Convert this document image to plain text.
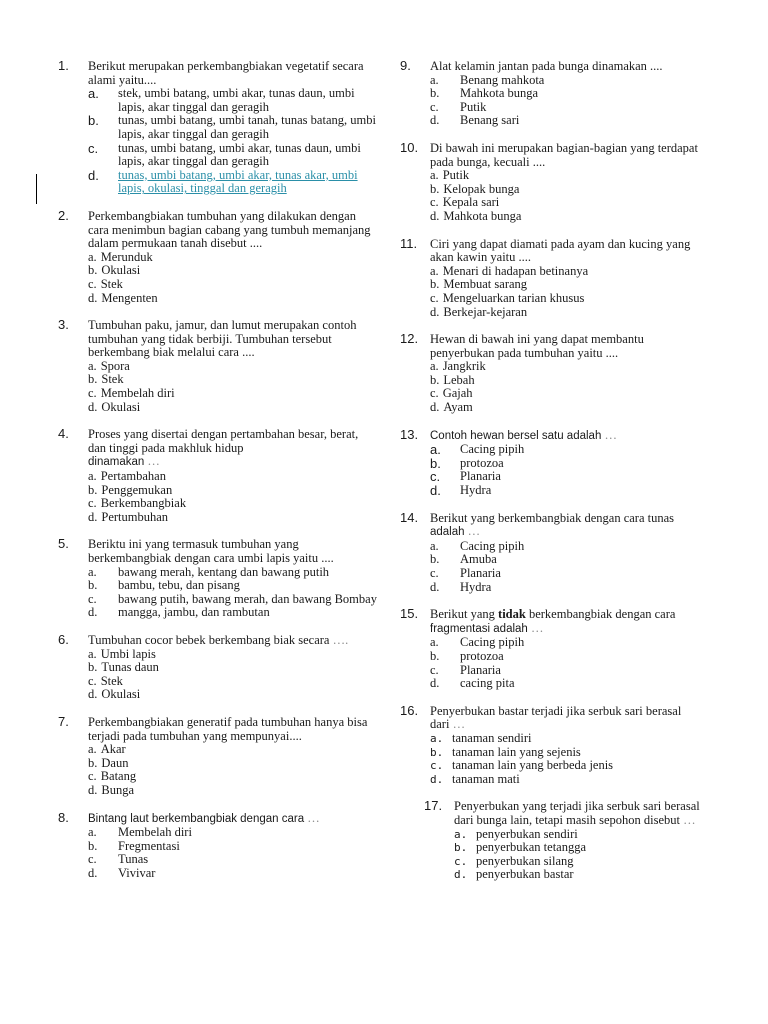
1. Berikut merupakan perkembangbiakan vegetatif secara alami yaitu....
a.	stek, umbi batang, umbi akar, tunas daun, umbi lapis, akar tinggal dan geragih
b.	tunas, umbi batang, umbi tanah, tunas batang, umbi lapis, akar tinggal dan geragih
c.	tunas, umbi batang, umbi akar, tunas daun, umbi lapis, akar tinggal dan geragih
d.	tunas, umbi batang, umbi akar, tunas akar, umbi lapis, okulasi, tinggal dan geragih
2. Perkembangbiakan tumbuhan yang dilakukan dengan cara menimbun bagian cabang yang tumbuh memanjang dalam permukaan tanah disebut ....
a. Merunduk
b. Okulasi
c. Stek
d. Mengenten
3. Tumbuhan paku, jamur, dan lumut merupakan contoh tumbuhan yang tidak berbiji. Tumbuhan tersebut berkembang biak melalui cara ....
a. Spora
b. Stek
c. Membelah diri
d. Okulasi
4. Proses yang disertai dengan pertambahan besar, berat, dan tinggi pada makhluk hidup
dinamakan …
a. Pertambahan
b. Penggemukan
c. Berkembangbiak
d. Pertumbuhan
5. Beriktu ini yang termasuk tumbuhan yang berkembangbiak dengan cara umbi lapis yaitu ....
a.	bawang merah, kentang dan bawang putih
b.	bambu, tebu, dan pisang
c.	bawang putih, bawang merah, dan bawang Bombay
d.	mangga, jambu, dan rambutan
6. Tumbuhan cocor bebek berkembang biak secara ….
a. Umbi lapis
b. Tunas daun
c. Stek
d. Okulasi
7. Perkembangbiakan generatif pada tumbuhan hanya bisa terjadi pada tumbuhan yang mempunyai....
a. Akar
b. Daun
c. Batang
d. Bunga
8. Bintang laut berkembangbiak dengan cara …
a.	Membelah diri
b.	Fregmentasi
c.	Tunas
d.	Vivivar
9. Alat kelamin jantan pada bunga dinamakan ....
a.	Benang mahkota
b.	Mahkota bunga
c.	Putik
d.	Benang sari
10. Di bawah ini merupakan bagian-bagian yang terdapat pada bunga, kecuali ....
a. Putik
b. Kelopak bunga
c. Kepala sari
d. Mahkota bunga
11. Ciri yang dapat diamati pada ayam dan kucing yang akan kawin yaitu ....
a. Menari di hadapan betinanya
b. Membuat sarang
c. Mengeluarkan tarian khusus
d. Berkejar-kejaran
12. Hewan di bawah ini yang dapat membantu penyerbukan pada tumbuhan yaitu ....
a. Jangkrik
b. Lebah
c. Gajah
d. Ayam
13. Contoh hewan bersel satu adalah …
a.	Cacing pipih
b.	protozoa
c.	Planaria
d.	Hydra
14. Berikut yang berkembangbiak dengan cara tunas
adalah …
a.	Cacing pipih
b.	Amuba
c.	Planaria
d.	Hydra
15. Berikut yang tidak berkembangbiak dengan cara
fragmentasi adalah …
a.	Cacing pipih
b.	protozoa
c.	Planaria
d.	cacing pita
16. Penyerbukan bastar terjadi jika serbuk sari berasal dari …
a. tanaman sendiri
b. tanaman lain yang sejenis
c. tanaman lain yang berbeda jenis
d. tanaman mati
17. Penyerbukan yang terjadi jika serbuk sari berasal dari bunga lain, tetapi masih sepohon disebut …
a. penyerbukan sendiri
b. penyerbukan tetangga
c. penyerbukan silang
d. penyerbukan bastar
